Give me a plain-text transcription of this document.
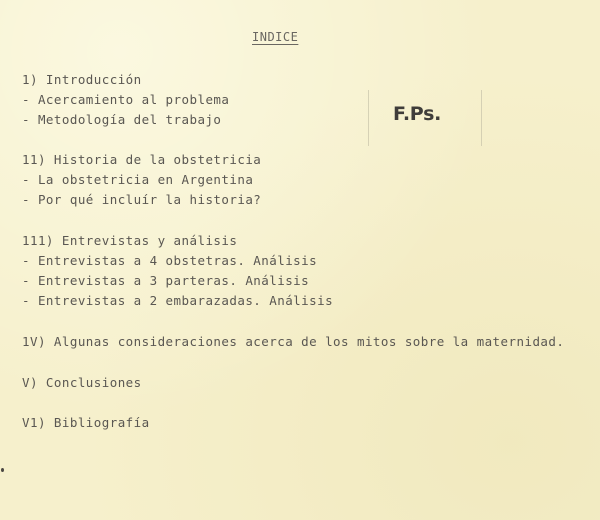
INDICE
F.Ps.
1) Introducción
- Acercamiento al problema
- Metodología del trabajo
11) Historia de la obstetricia
- La obstetricia en Argentina
- Por qué incluír la historia?
111) Entrevistas y análisis
- Entrevistas a 4 obstetras. Análisis
- Entrevistas a 3 parteras. Análisis
- Entrevistas a 2 embarazadas. Análisis
1V) Algunas consideraciones acerca de los mitos sobre la maternidad.
V) Conclusiones
V1) Bibliografía
